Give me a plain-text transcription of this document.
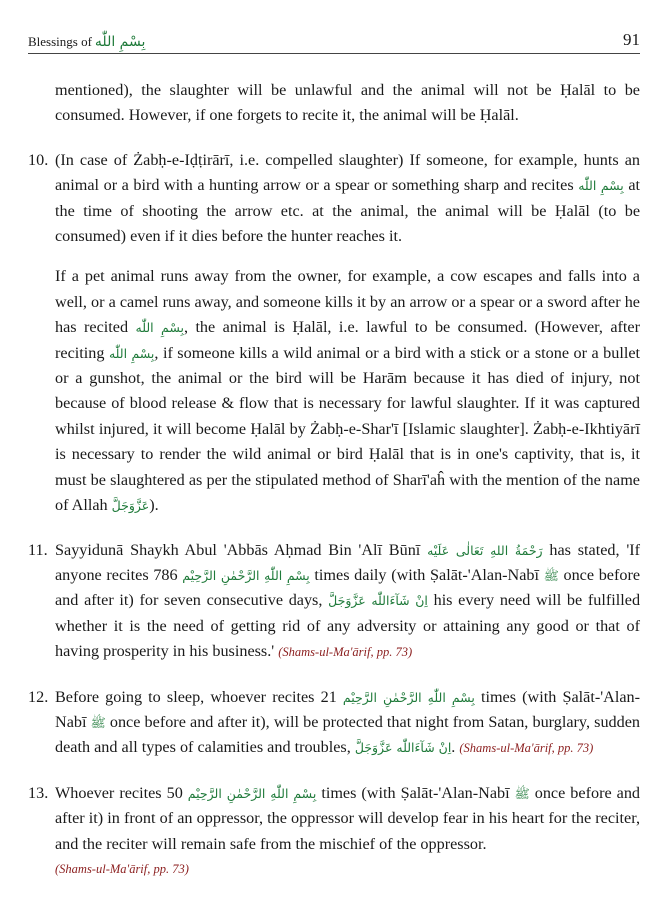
Blessings of بِسْمِ اللّٰه	91

mentioned), the slaughter will be unlawful and the animal will not be Ḥalāl to be consumed. However, if one forgets to recite it, the animal will be Ḥalāl.

10. (In case of Żabḥ-e-Iḍṭirārī, i.e. compelled slaughter) If someone, for example, hunts an animal or a bird with a hunting arrow or a spear or something sharp and recites بِسْمِ اللّٰه at the time of shooting the arrow etc. at the animal, the animal will be Ḥalāl (to be consumed) even if it dies before the hunter reaches it.

If a pet animal runs away from the owner, for example, a cow escapes and falls into a well, or a camel runs away, and someone kills it by an arrow or a spear or a sword after he has recited بِسْمِ اللّٰه, the animal is Ḥalāl, i.e. lawful to be consumed. (However, after reciting بِسْمِ اللّٰه, if someone kills a wild animal or a bird with a stick or a stone or a bullet or a gunshot, the animal or the bird will be Harām because it has died of injury, not because of blood release & flow that is necessary for lawful slaughter. If it was captured whilst injured, it will become Ḥalāl by Żabḥ-e-Shar'ī [Islamic slaughter]. Żabḥ-e-Ikhtiyārī is necessary to render the wild animal or bird Ḥalāl that is in one's captivity, that is, it must be slaughtered as per the stipulated method of Sharī'aĥ with the mention of the name of Allah عَزَّوَجَلَّ).

11. Sayyidunā Shaykh Abul 'Abbās Aḥmad Bin 'Alī Būnī رَحْمَةُ اللهِ تَعَالٰى عَلَيْه has stated, 'If anyone recites	بِسْمِ اللّٰهِ الرَّحْمٰنِ الرَّحِيْم 786 times daily (with Ṣalāt-'Alan-Nabī ﷺ once before and after it) for seven consecutive days, اِنْ شَآءَاللّٰه عَزَّوَجَلَّ his every need will be fulfilled whether it is the need of getting rid of any adversity or attaining any good or that of having prosperity in his business.' (Shams-ul-Ma'ārif, pp. 73)
12. Before going to sleep, whoever recites بِسْمِ اللّٰهِ الرَّحْمٰنِ الرَّحِيْم 21 times (with Ṣalāt-'Alan-Nabī ﷺ once before and after it), will be protected that night from Satan, burglary, sudden death and all types of calamities and troubles, اِنْ شَآءَاللّٰه عَزَّوَجَلَّ. (Shams-ul-Ma'ārif, pp. 73)
13. Whoever recites بِسْمِ اللّٰهِ الرَّحْمٰنِ الرَّحِيْم 50 times (with Ṣalāt-'Alan-Nabī ﷺ once before and after it) in front of an oppressor, the oppressor will develop fear in his heart for the reciter, and the reciter will remain safe from the mischief of the oppressor.
(Shams-ul-Ma'ārif, pp. 73)
